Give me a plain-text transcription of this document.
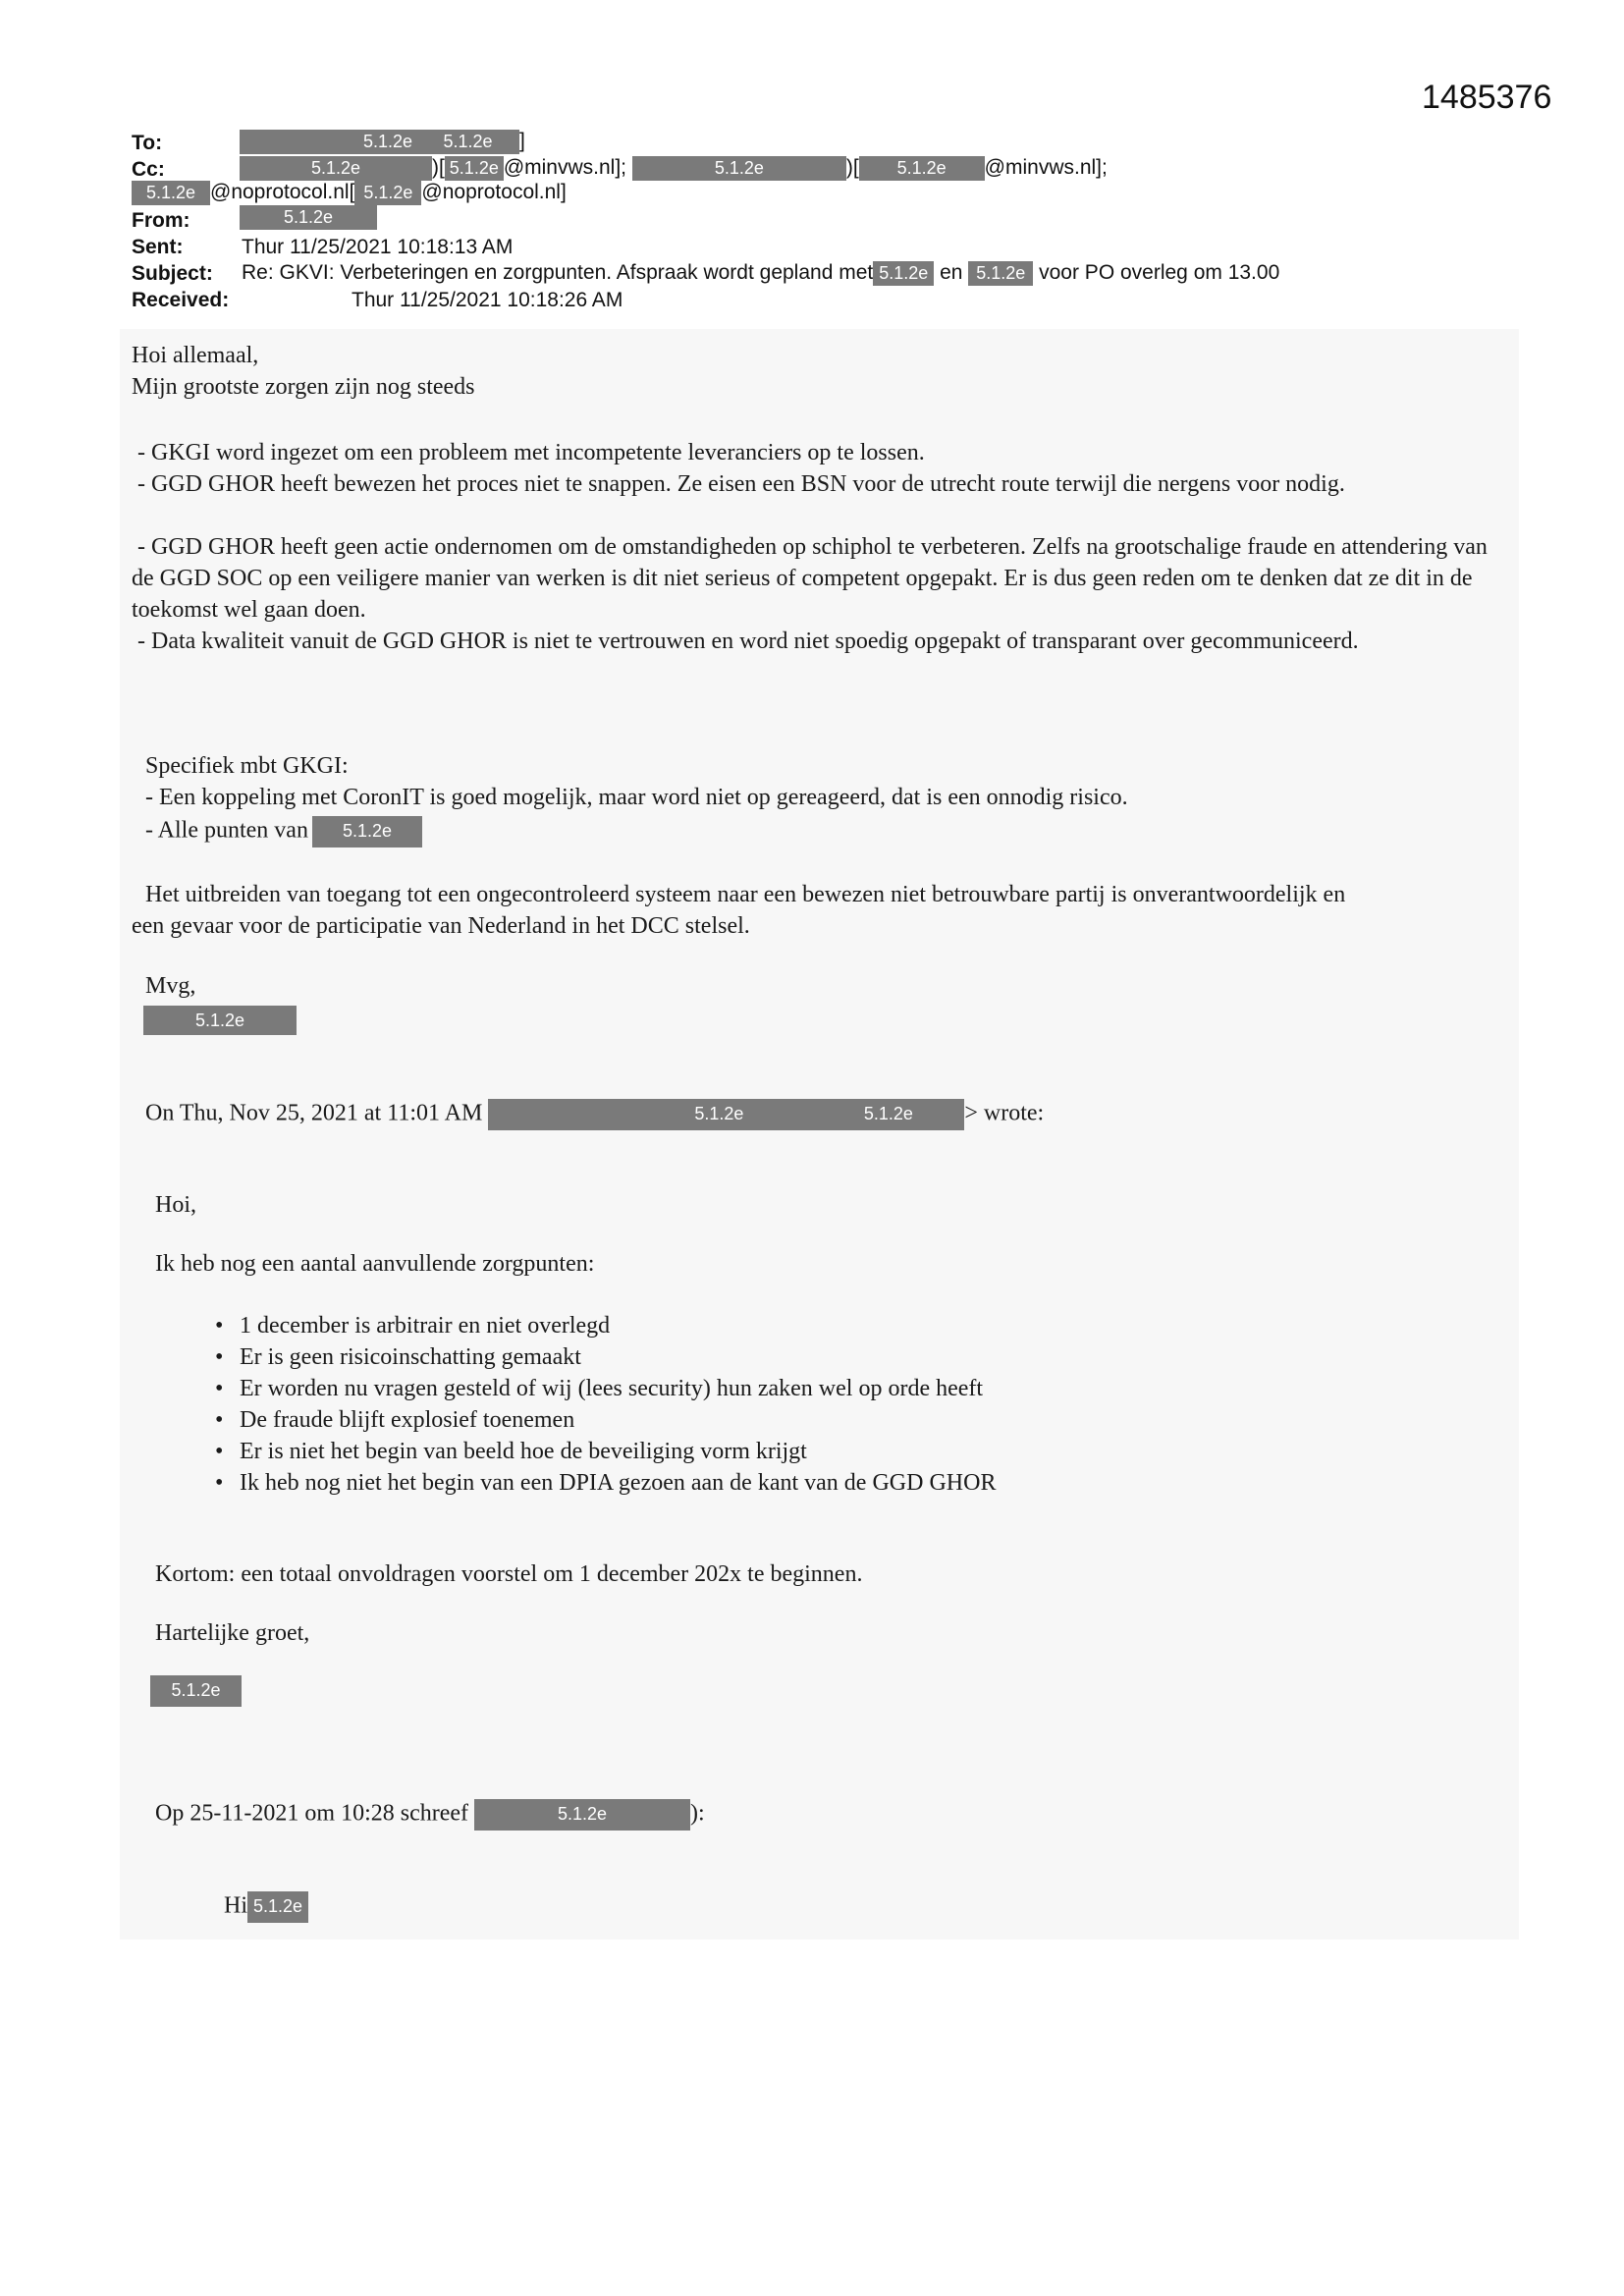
1485376
To:	5.1.2e 5.1.2e ]
Cc:	5.1.2e	)[ 5.1.2e @minvws.nl];	5.1.2e	)[ 5.1.2e @minvws.nl];
5.1.2e @noprotocol.nl[ 5.1.2e @noprotocol.nl]
From:	5.1.2e
Sent:	Thur 11/25/2021 10:18:13 AM
Subject: Re: GKVI: Verbeteringen en zorgpunten. Afspraak wordt gepland met 5.1.2e en 5.1.2e voor PO overleg om 13.00
Received:	Thur 11/25/2021 10:18:26 AM
Hoi allemaal,
Mijn grootste zorgen zijn nog steeds
- GKGI word ingezet om een probleem met incompetente leveranciers op te lossen.
- GGD GHOR heeft bewezen het proces niet te snappen. Ze eisen een BSN voor de utrecht route terwijl die nergens voor nodig.
- GGD GHOR heeft geen actie ondernomen om de omstandigheden op schiphol te verbeteren. Zelfs na grootschalige fraude en attendering van de GGD SOC op een veiligere manier van werken is dit niet serieus of competent opgepakt. Er is dus geen reden om te denken dat ze dit in de toekomst wel gaan doen.
- Data kwaliteit vanuit de GGD GHOR is niet te vertrouwen en word niet spoedig opgepakt of transparant over gecommuniceerd.
Specifiek mbt GKGI:
- Een koppeling met CoronIT is goed mogelijk, maar word niet op gereageerd, dat is een onnodig risico.
- Alle punten van 5.1.2e
Het uitbreiden van toegang tot een ongecontroleerd systeem naar een bewezen niet betrouwbare partij is onverantwoordelijk en een gevaar voor de participatie van Nederland in het DCC stelsel.
Mvg,
5.1.2e
On Thu, Nov 25, 2021 at 11:01 AM	5.1.2e	5.1.2e > wrote:
Hoi,
Ik heb nog een aantal aanvullende zorgpunten:
• 1 december is arbitrair en niet overlegd
• Er is geen risicoinschatting gemaakt
• Er worden nu vragen gesteld of wij (lees security) hun zaken wel op orde heeft
• De fraude blijft explosief toenemen
• Er is niet het begin van beeld hoe de beveiliging vorm krijgt
• Ik heb nog niet het begin van een DPIA gezoen aan de kant van de GGD GHOR
Kortom: een totaal onvoldragen voorstel om 1 december 202x te beginnen.
Hartelijke groet,
5.1.2e
Op 25-11-2021 om 10:28 schreef	5.1.2e	):
Hi 5.1.2e
